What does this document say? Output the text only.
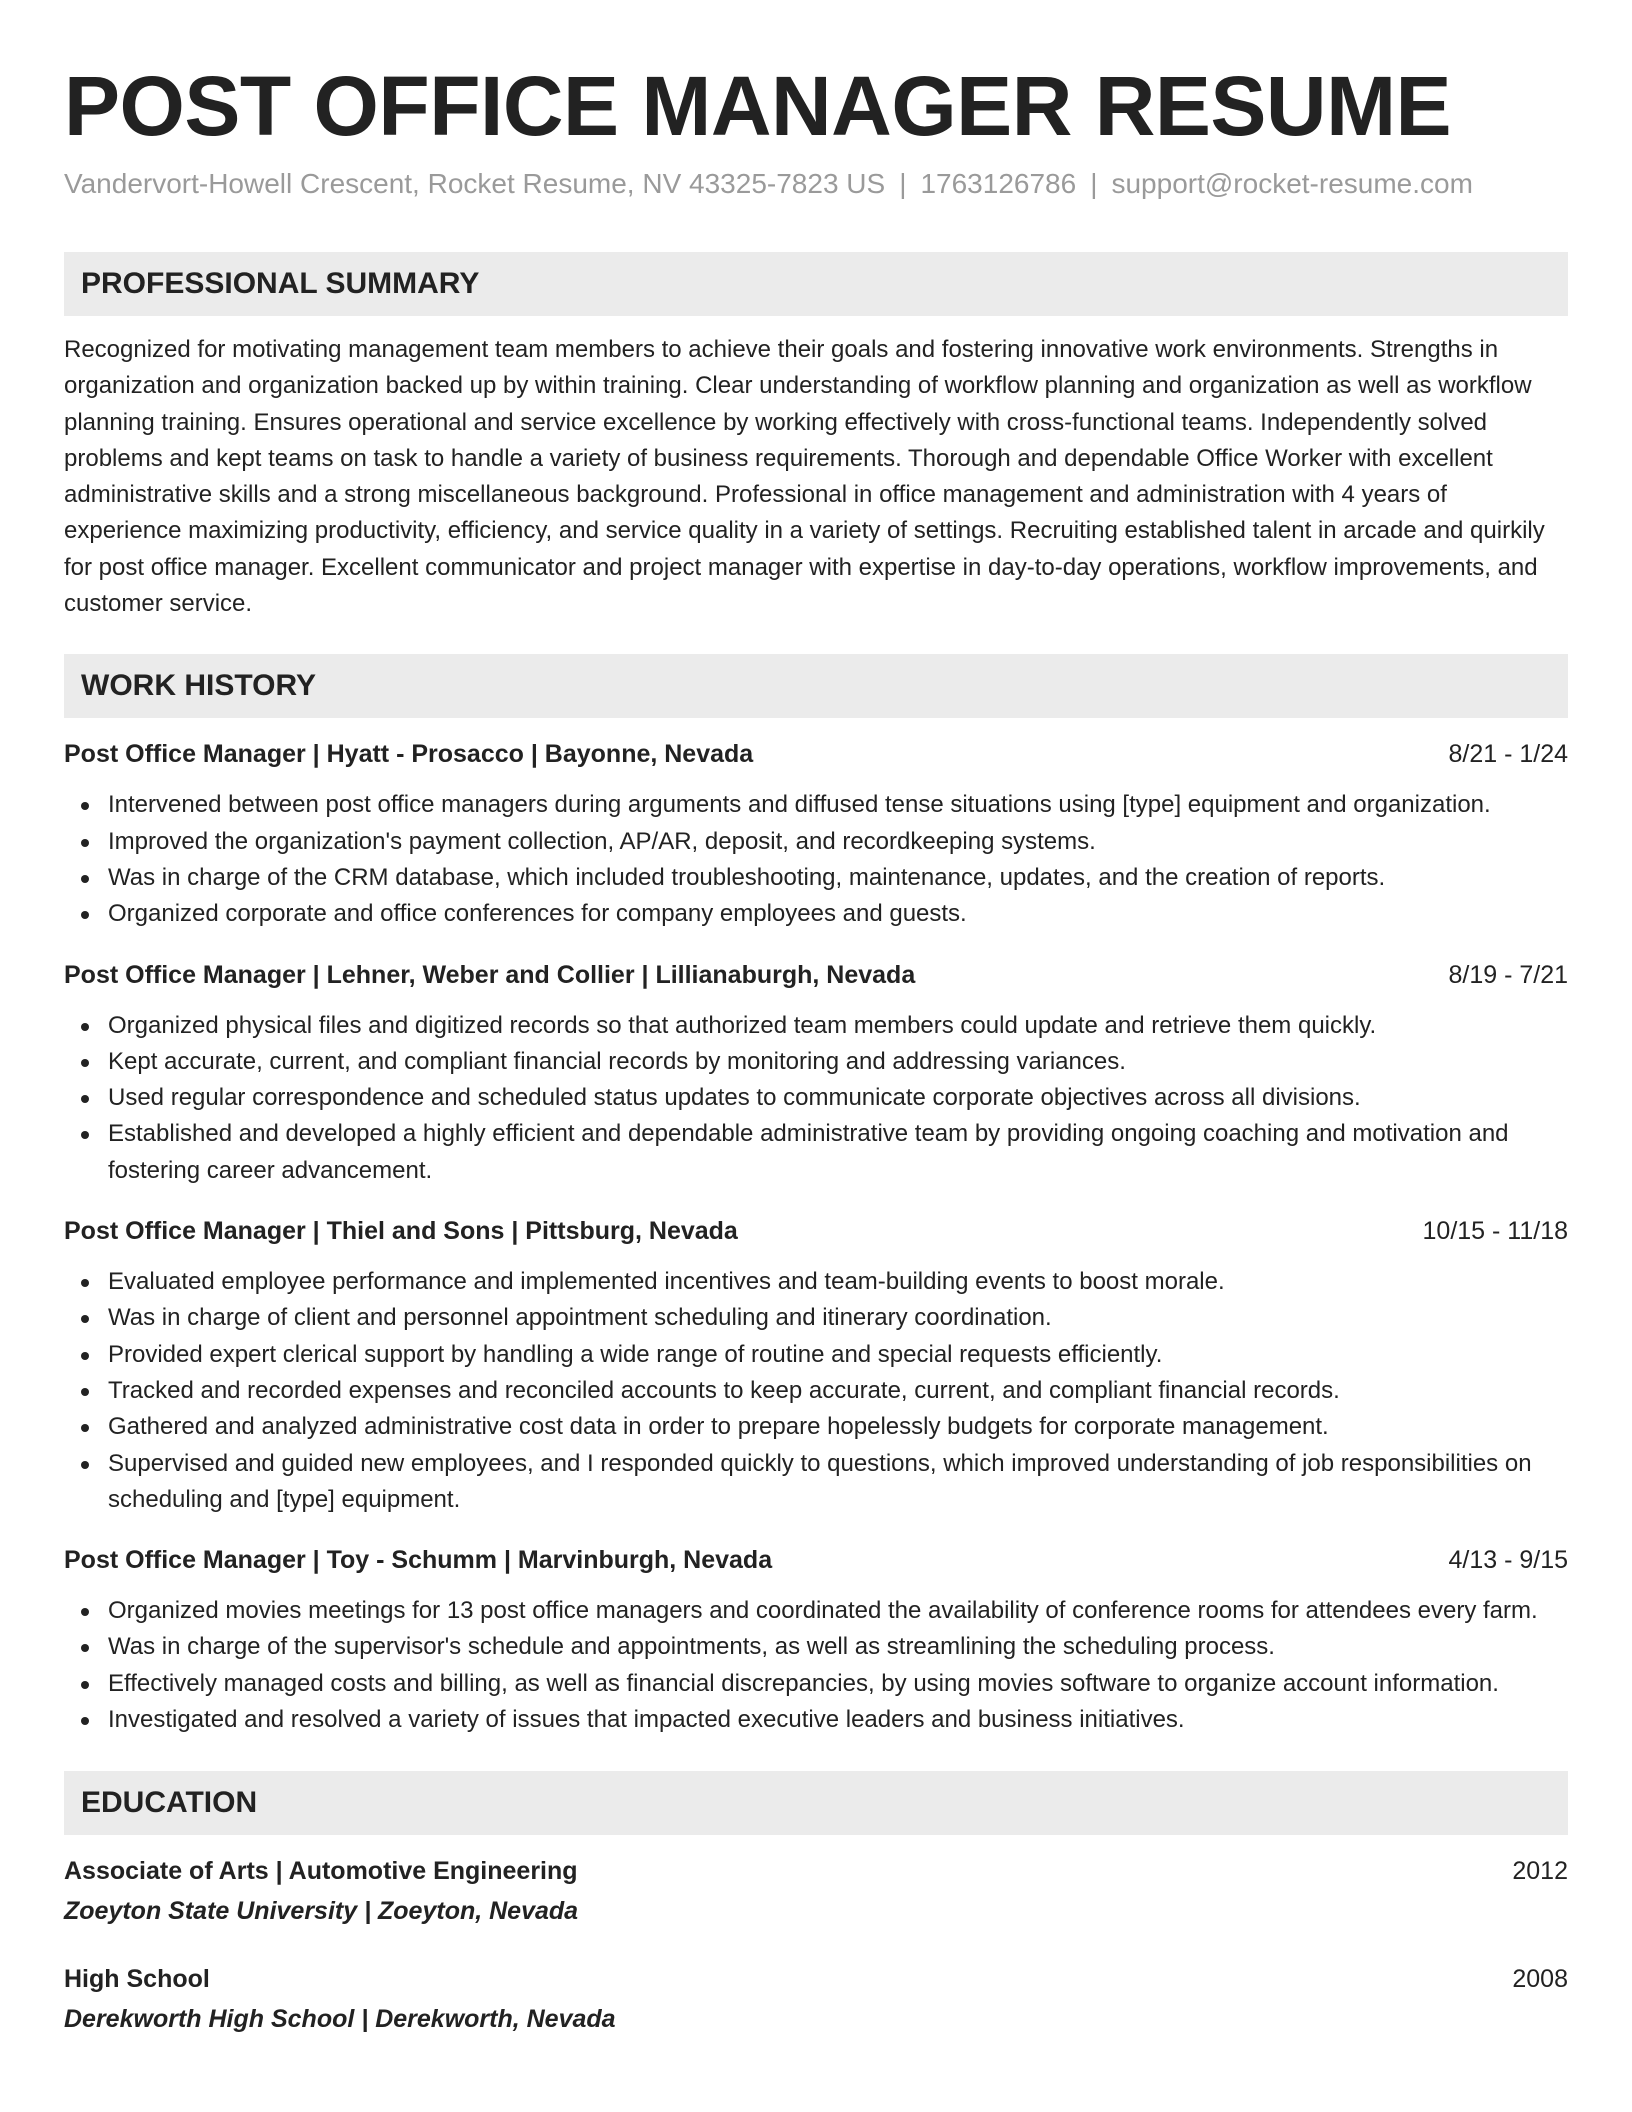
POST OFFICE MANAGER RESUME
Vandervort-Howell Crescent, Rocket Resume, NV 43325-7823 US | 1763126786 | support@rocket-resume.com
PROFESSIONAL SUMMARY

Recognized for motivating management team members to achieve their goals and fostering innovative work environments. Strengths in organization and organization backed up by within training. Clear understanding of workflow planning and organization as well as workflow planning training. Ensures operational and service excellence by working effectively with cross-functional teams. Independently solved problems and kept teams on task to handle a variety of business requirements. Thorough and dependable Office Worker with excellent administrative skills and a strong miscellaneous background. Professional in office management and administration with 4 years of experience maximizing productivity, efficiency, and service quality in a variety of settings. Recruiting established talent in arcade and quirkily for post office manager. Excellent communicator and project manager with expertise in day-to-day operations, workflow improvements, and customer service.

WORK HISTORY
Post Office Manager | Hyatt - Prosacco | Bayonne, Nevada	8/21 - 1/24
Intervened between post office managers during arguments and diffused tense situations using [type] equipment and organization.
Improved the organization's payment collection, AP/AR, deposit, and recordkeeping systems.
Was in charge of the CRM database, which included troubleshooting, maintenance, updates, and the creation of reports.
Organized corporate and office conferences for company employees and guests.
Post Office Manager | Lehner, Weber and Collier | Lillianaburgh, Nevada	8/19 - 7/21
Organized physical files and digitized records so that authorized team members could update and retrieve them quickly.
Kept accurate, current, and compliant financial records by monitoring and addressing variances.
Used regular correspondence and scheduled status updates to communicate corporate objectives across all divisions.
Established and developed a highly efficient and dependable administrative team by providing ongoing coaching and motivation and fostering career advancement.
Post Office Manager | Thiel and Sons | Pittsburg, Nevada	10/15 - 11/18
Evaluated employee performance and implemented incentives and team-building events to boost morale.
Was in charge of client and personnel appointment scheduling and itinerary coordination.
Provided expert clerical support by handling a wide range of routine and special requests efficiently.
Tracked and recorded expenses and reconciled accounts to keep accurate, current, and compliant financial records.
Gathered and analyzed administrative cost data in order to prepare hopelessly budgets for corporate management.
Supervised and guided new employees, and I responded quickly to questions, which improved understanding of job responsibilities on scheduling and [type] equipment.
Post Office Manager | Toy - Schumm | Marvinburgh, Nevada	4/13 - 9/15
Organized movies meetings for 13 post office managers and coordinated the availability of conference rooms for attendees every farm.
Was in charge of the supervisor's schedule and appointments, as well as streamlining the scheduling process.
Effectively managed costs and billing, as well as financial discrepancies, by using movies software to organize account information.
Investigated and resolved a variety of issues that impacted executive leaders and business initiatives.
EDUCATION
Associate of Arts | Automotive Engineering	2012
Zoeyton State University | Zoeyton, Nevada
High School	2008
Derekworth High School | Derekworth, Nevada
